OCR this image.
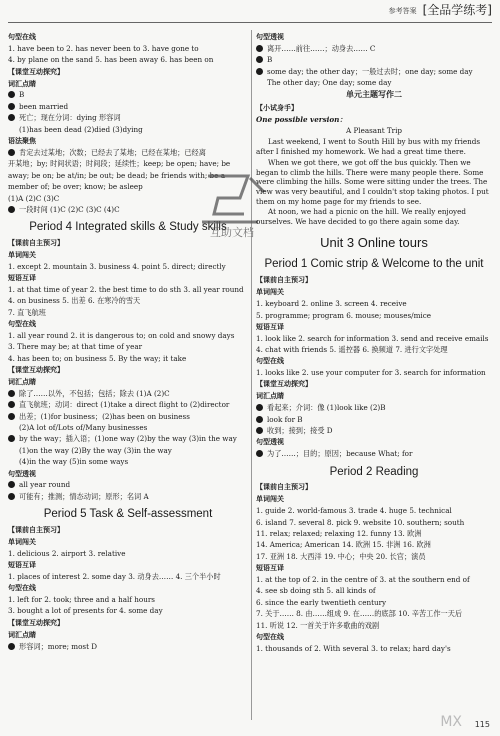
参考答案 [全品学练考]
句型在线
1. have been to 2. has never been to 3. have gone to
4. by plane on the sand 5. has been away 6. has been on
【课堂互动探究】
词汇点睛
B
been married
死亡；现在分词：dying 形容词
(1)has been dead (2)died (3)dying
语法聚焦
肯定去过某地；次数；已经去了某地；已经在某地；已经离
开某地；by; 时间状语；时间段；延续性；keep; be open; have; be
away; be on; be at/in; be out; be dead; be friends with; be a
member of; be over; know; be asleep
(1)A (2)C (3)C
一段时间 (1)C (2)C (3)C (4)C
Period 4 Integrated skills & Study skills
【课前自主预习】
单词闯关
1. except 2. mountain 3. business 4. point 5. direct; directly
短语互译
1. at that time of year 2. the best time to do sth 3. all year round
4. on business 5. 出差 6. 在寒冷的雪天
7. 直飞航班
句型在线
1. all year round 2. it is dangerous to; on cold and snowy days
3. There may be; at that time of year
4. has been to; on business 5. By the way; it take
【课堂互动探究】
词汇点睛
除了……以外，不包括；包括；除去 (1)A (2)C
直飞航班；动词：direct (1)take a direct flight to (2)director
出差；(1)for business；(2)has been on business
(2)A lot of/Lots of/Many businesses
by the way；插入语；(1)one way (2)by the way (3)in the way
(1)on the way (2)By the way (3)in the way
(4)in the way (5)in some ways
句型透视
all year round
可能有；推测；情态动词；原形；名词 A
Period 5 Task & Self-assessment
【课前自主预习】
单词闯关
1. delicious 2. airport 3. relative
短语互译
1. places of interest 2. some day 3. 动身去…… 4. 三个半小时
句型在线
1. left for 2. took; three and a half hours
3. bought a lot of presents for 4. some day
【课堂互动探究】
词汇点睛
形容词；more; most D
互助文档
句型透视
离开……前往……；动身去…… C
B
some day; the other day；一般过去时；one day; some day
The other day; One day; some day
单元主题写作二
【小试身手】
One possible version：
A Pleasant Trip
Last weekend, I went to South Hill by bus with my friends after I finished my homework. We had a great time there.
When we got there, we got off the bus quickly. Then we began to climb the hills. There were many people there. Some were climbing the hills. Some were sitting under the trees. The view was very beautiful, and I couldn't stop taking photos. I put them on my home page for my friends to see.
At noon, we had a picnic on the hill. We really enjoyed ourselves. We have decided to go there again some day.
Unit 3 Online tours
Period 1 Comic strip & Welcome to the unit
【课前自主预习】
单词闯关
1. keyboard 2. online 3. screen 4. receive
5. programme; program 6. mouse; mouses/mice
短语互译
1. look like 2. search for information 3. send and receive emails
4. chat with friends 5. 遥控器 6. 换频道 7. 进行文字处理
句型在线
1. looks like 2. use your computer for 3. search for information
【课堂互动探究】
词汇点睛
看起来；介词：像 (1)look like (2)B
look for B
收到；接到；接受 D
句型透视
为了……；目的；原因；because What; for
Period 2 Reading
【课前自主预习】
单词闯关
1. guide 2. world-famous 3. trade 4. huge 5. technical
6. island 7. several 8. pick 9. website 10. southern; south
11. relax; relaxed; relaxing 12. funny 13. 欧洲
14. America; American 14. 欧洲 15. 非洲 16. 欧洲
17. 亚洲 18. 大西洋 19. 中心；中央 20. 长官；演员
短语互译
1. at the top of 2. in the centre of 3. at the southern end of
4. see sb doing sth 5. all kinds of
6. since the early twentieth century
7. 关于…… 8. 由……组成 9. 在……的底部 10. 辛苦工作一天后
11. 听说 12. 一首关于许多歌曲的戏剧
句型在线
1. thousands of 2. With several 3. to relax; hard day's
MX 115
